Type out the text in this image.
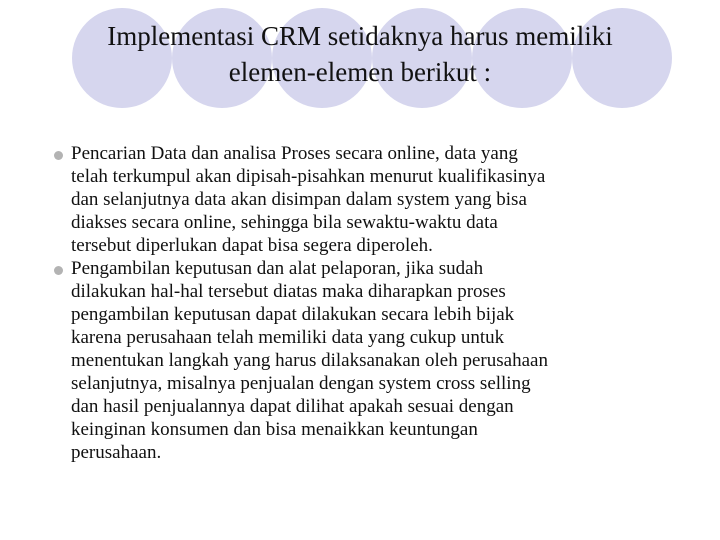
Implementasi CRM setidaknya harus memiliki
elemen-elemen berikut :
Pencarian Data dan analisa Proses secara online, data yang
telah terkumpul akan dipisah-pisahkan menurut kualifikasinya
dan selanjutnya data akan disimpan dalam system yang bisa
diakses secara online, sehingga bila sewaktu-waktu data
tersebut diperlukan dapat bisa segera diperoleh.
Pengambilan keputusan dan alat pelaporan, jika sudah
dilakukan hal-hal tersebut diatas maka diharapkan proses
pengambilan keputusan dapat dilakukan secara lebih bijak
karena perusahaan telah memiliki data yang cukup untuk
menentukan langkah yang harus dilaksanakan oleh perusahaan
selanjutnya, misalnya penjualan dengan system cross selling
dan hasil penjualannya dapat dilihat apakah sesuai dengan
keinginan konsumen dan bisa menaikkan keuntungan
perusahaan.
